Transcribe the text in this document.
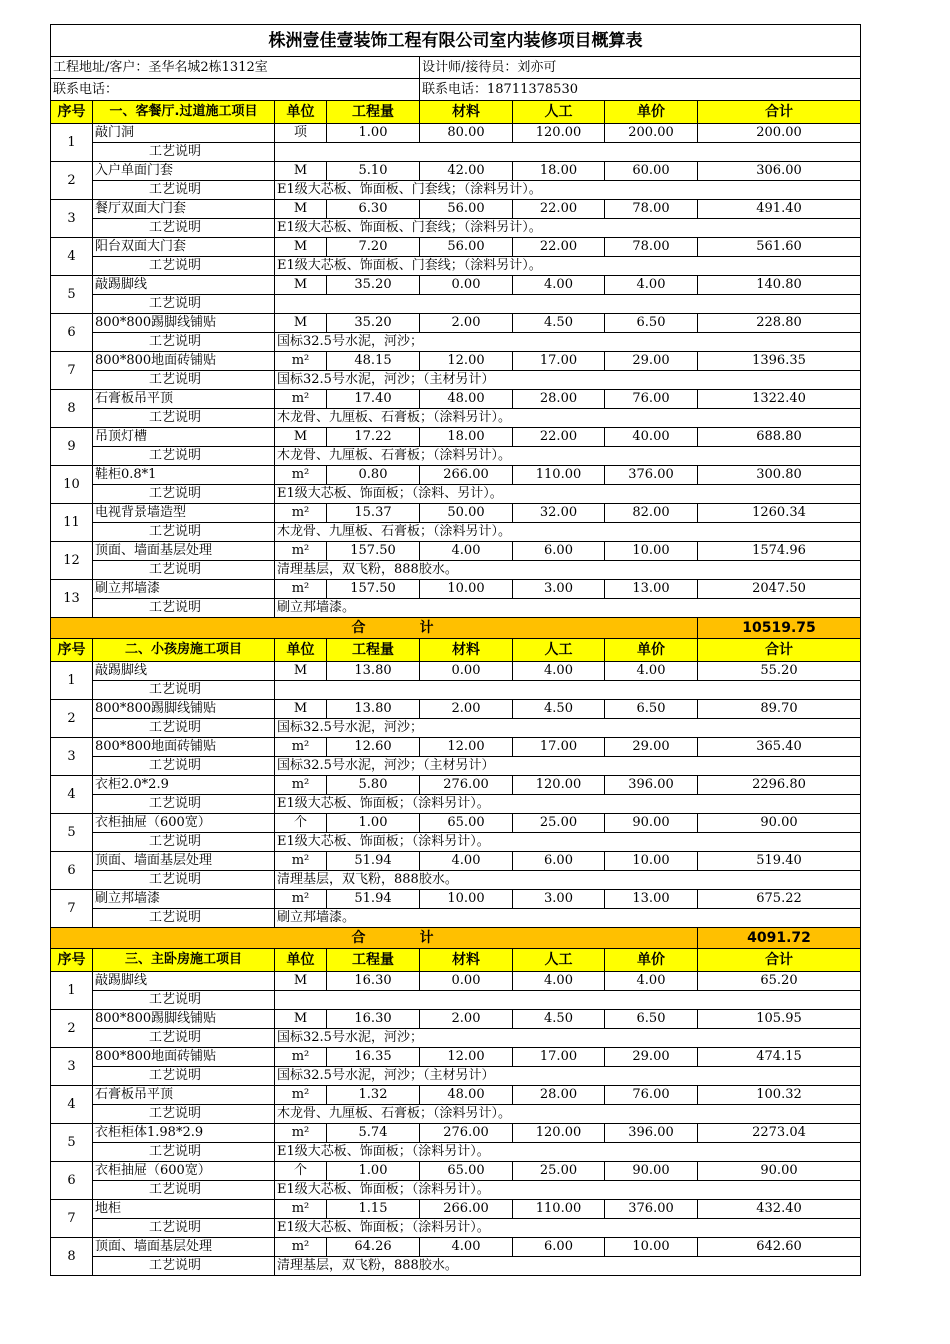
株洲壹佳壹装饰工程有限公司室内装修项目概算表							
工程地址/客户：圣华名城2栋1312室				设计师/接待员：刘亦可			
联系电话：				联系电话：18711378530			
序号	一、客餐厅.过道施工项目	单位	工程量	材料	人工	单价	合计
1	敲门洞	项	1.00	80.00	120.00	200.00	200.00
	工艺说明						
2	入户单面门套	M	5.10	42.00	18.00	60.00	306.00
	工艺说明	E1级大芯板、饰面板、门套线；（涂料另计）。					
3	餐厅双面大门套	M	6.30	56.00	22.00	78.00	491.40
	工艺说明	E1级大芯板、饰面板、门套线；（涂料另计）。					
4	阳台双面大门套	M	7.20	56.00	22.00	78.00	561.60
	工艺说明	E1级大芯板、饰面板、门套线；（涂料另计）。					
5	敲踢脚线	M	35.20	0.00	4.00	4.00	140.80
	工艺说明						
6	800*800踢脚线铺贴	M	35.20	2.00	4.50	6.50	228.80
	工艺说明	国标32.5号水泥，河沙；					
7	800*800地面砖铺贴	m²	48.15	12.00	17.00	29.00	1396.35
	工艺说明	国标32.5号水泥，河沙；（主材另计）					
8	石膏板吊平顶	m²	17.40	48.00	28.00	76.00	1322.40
	工艺说明	木龙骨、九厘板、石膏板；（涂料另计）。					
9	吊顶灯槽	M	17.22	18.00	22.00	40.00	688.80
	工艺说明	木龙骨、九厘板、石膏板；（涂料另计）。					
10	鞋柜0.8*1	m²	0.80	266.00	110.00	376.00	300.80
	工艺说明	E1级大芯板、饰面板；（涂料、另计）。					
11	电视背景墙造型	m²	15.37	50.00	32.00	82.00	1260.34
	工艺说明	木龙骨、九厘板、石膏板；（涂料另计）。					
12	顶面、墙面基层处理	m²	157.50	4.00	6.00	10.00	1574.96
	工艺说明	清理基层，双飞粉，888胶水。					
13	刷立邦墙漆	m²	157.50	10.00	3.00	13.00	2047.50
	工艺说明	刷立邦墙漆。					
合				计			10519.75
序号	二、小孩房施工项目	单位	工程量	材料	人工	单价	合计
1	敲踢脚线	M	13.80	0.00	4.00	4.00	55.20
	工艺说明						
2	800*800踢脚线铺贴	M	13.80	2.00	4.50	6.50	89.70
	工艺说明	国标32.5号水泥，河沙；					
3	800*800地面砖铺贴	m²	12.60	12.00	17.00	29.00	365.40
	工艺说明	国标32.5号水泥，河沙；（主材另计）					
4	衣柜2.0*2.9	m²	5.80	276.00	120.00	396.00	2296.80
	工艺说明	E1级大芯板、饰面板；（涂料另计）。					
5	衣柜抽屉（600宽）	个	1.00	65.00	25.00	90.00	90.00
	工艺说明	E1级大芯板、饰面板；（涂料另计）。					
6	顶面、墙面基层处理	m²	51.94	4.00	6.00	10.00	519.40
	工艺说明	清理基层，双飞粉，888胶水。					
7	刷立邦墙漆	m²	51.94	10.00	3.00	13.00	675.22
	工艺说明	刷立邦墙漆。					
合				计			4091.72
序号	三、主卧房施工项目	单位	工程量	材料	人工	单价	合计
1	敲踢脚线	M	16.30	0.00	4.00	4.00	65.20
	工艺说明						
2	800*800踢脚线铺贴	M	16.30	2.00	4.50	6.50	105.95
	工艺说明	国标32.5号水泥，河沙；					
3	800*800地面砖铺贴	m²	16.35	12.00	17.00	29.00	474.15
	工艺说明	国标32.5号水泥，河沙；（主材另计）					
4	石膏板吊平顶	m²	1.32	48.00	28.00	76.00	100.32
	工艺说明	木龙骨、九厘板、石膏板；（涂料另计）。					
5	衣柜柜体1.98*2.9	m²	5.74	276.00	120.00	396.00	2273.04
	工艺说明	E1级大芯板、饰面板；（涂料另计）。					
6	衣柜抽屉（600宽）	个	1.00	65.00	25.00	90.00	90.00
	工艺说明	E1级大芯板、饰面板；（涂料另计）。					
7	地柜	m²	1.15	266.00	110.00	376.00	432.40
	工艺说明	E1级大芯板、饰面板；（涂料另计）。					
8	顶面、墙面基层处理	m²	64.26	4.00	6.00	10.00	642.60
	工艺说明	清理基层，双飞粉，888胶水。					
